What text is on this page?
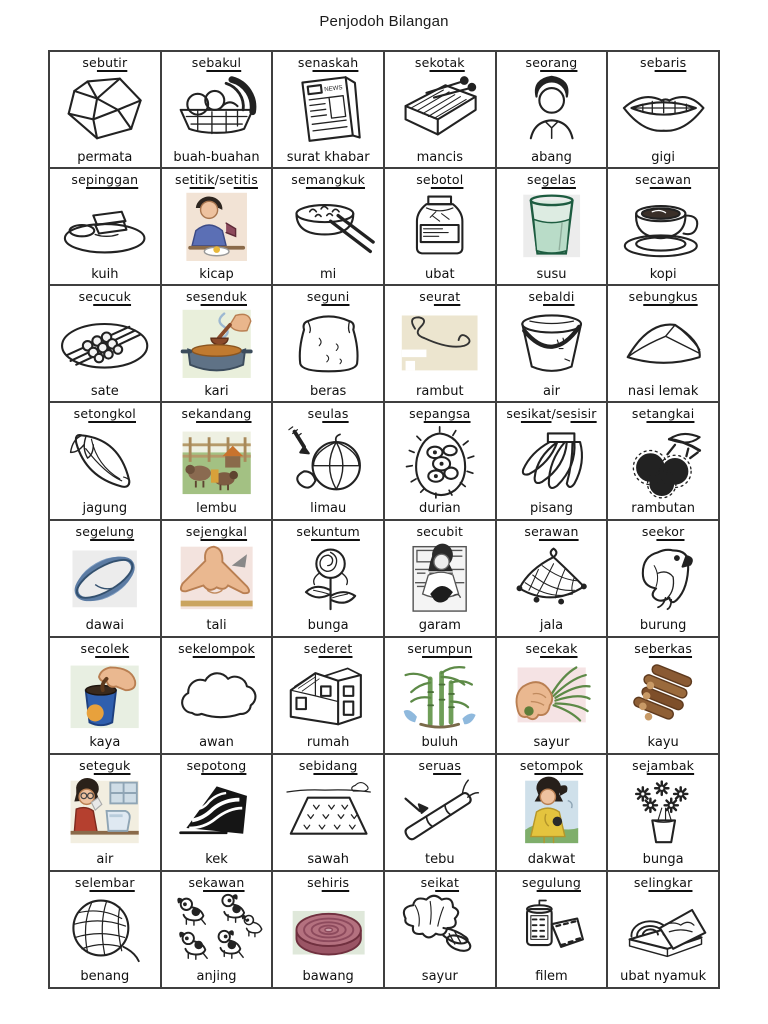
Penjodoh Bilangan
sebutir
permata
sebakul
buah-buahan
senaskah
NEWS
surat khabar
sekotak
mancis
seorang
abang
sebaris
gigi
sepinggan
kuih
setitik/setitis
kicap
semangkuk
mi
sebotol
ubat
segelas
susu
secawan
kopi
secucuk
sate
sesenduk
kari
seguni
beras
seurat
rambut
sebaldi
air
sebungkus
nasi lemak
setongkol
jagung
sekandang
lembu
seulas
limau
sepangsa
durian
sesikat/sesisir
pisang
setangkai
rambutan
segelung
dawai
sejengkal
tali
sekuntum
bunga
secubit
garam
serawan
jala
seekor
burung
secolek
kaya
sekelompok
awan
sederet
rumah
serumpun
buluh
secekak
sayur
seberkas
kayu
seteguk
air
sepotong
kek
sebidang
sawah
seruas
tebu
setompok
dakwat
sejambak
bunga
selembar
benang
sekawan
anjing
sehiris
bawang
seikat
sayur
segulung
filem
selingkar
ubat nyamuk
